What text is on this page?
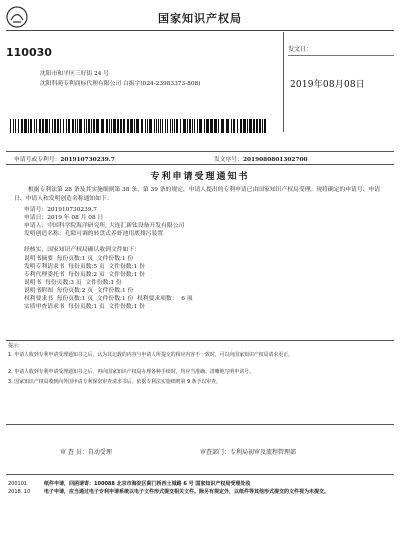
国家知识产权局
110030
沈阳市和平区三好街 24 号
沈阳科苑专利商标代理有限公司 白振宇(024-23983373-808)
发文日：
2019年08月08日
申请号或专利号：201910730239.7	发文序号：2019080801302700
专利申请受理通知书

根据专利法第 28 条及其实施细则第 38 条、第 39 条的规定，申请人提出的专利申请已由国家知识产权局受理。现将确定的申请号、申请日、申请人和发明创造名称通知如下：

申请号：201910730239.7
申请日：2019 年 08 月 08 日
申请人：中国科学院海洋研究所, 大连汇新钛设备开发有限公司
发明创造名称：孔隙可调的转盘式养虾池用底排污装置
经核实，国家知识产权局确认收到文件如下：
说明书摘要  每份页数:1 页  文件份数:1 份
发明专利请求书  每份页数:5 页  文件份数:1 份
专利代理委托书  每份页数:2 页  文件份数:1 份
说明书  每份页数:3 页  文件份数:1 份
说明书附图  每份页数:2 页  文件份数:1 份
权利要求书  每份页数:1 页  文件份数:1 份  权利要求项数：  6 项
实质审查请求书  每份页数:1 页  文件份数:1 份
提示：
1. 申请人收到专利申请受理通知书之后，认为其记载的内容与申请人所提交的相应内容不一致时，可以向国家知识产权局请求更正。
2. 申请人收到专利申请受理通知书之后，再向国家知识产权局办理各种手续时，均应当准确、清晰地写明申请号。
3. 国家知识产权局收到向外国申请专利保密审查请求书后，依据专利法实施细则第 9 条予以审查。
审 查 员：自动受理	审查部门：专利局初审及流程管理部
200101
2018. 10
纸件申请，回函请寄：100088 北京市海淀区蓟门桥西土城路 6 号 国家知识产权局受理处收
电子申请，应当通过电子专利申请系统以电子文件形式提交相关文件。除另有规定外，以纸件等其他形式提交的文件视为未提交。
